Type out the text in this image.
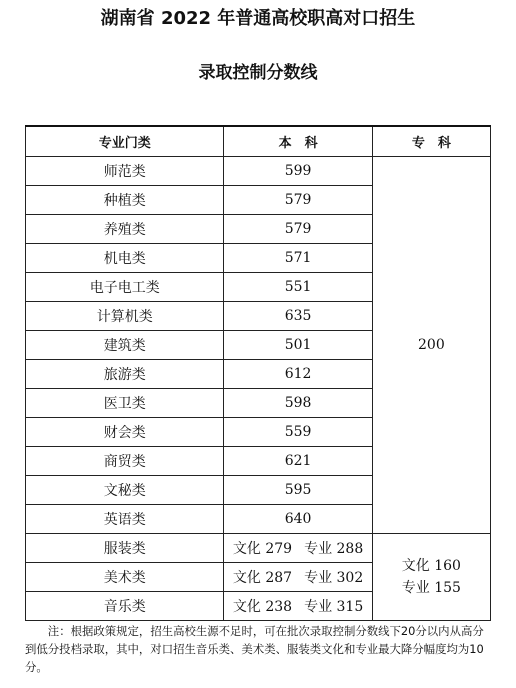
湖南省 2022 年普通高校职高对口招生
录取控制分数线
专业门类	本　科	专　科
师范类	599	200
种植类	579	
养殖类	579	
机电类	571	
电子电工类	551	
计算机类	635	
建筑类	501	
旅游类	612	
医卫类	598	
财会类	559	
商贸类	621	
文秘类	595	
英语类	640	
服装类	文化 279 专业 288	文化 160
专业 155

美术类	文化 287 专业 302	
音乐类	文化 238 专业 315	
注：根据政策规定，招生高校生源不足时，可在批次录取控制分数线下20分以内从高分到低分投档录取，其中，对口招生音乐类、美术类、服装类文化和专业最大降分幅度均为10 分。
